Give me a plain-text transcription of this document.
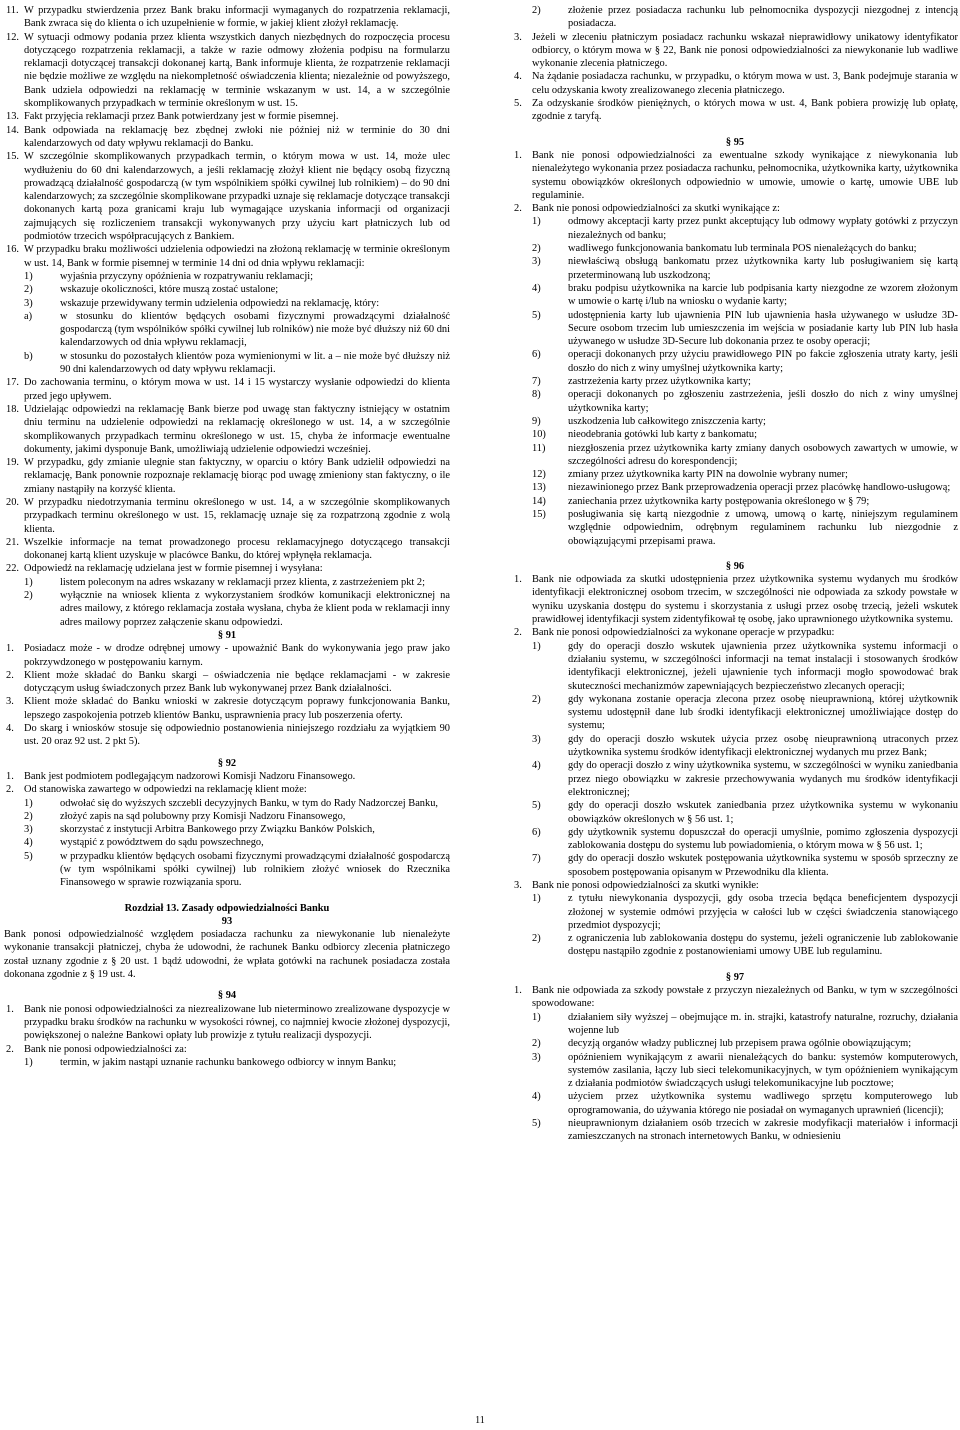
11. W przypadku stwierdzenia przez Bank braku informacji wymaganych do rozpatrzenia reklamacji, Bank zwraca się do klienta o ich uzupełnienie w formie, w jakiej klient złożył reklamację.

12. W sytuacji odmowy podania przez klienta wszystkich danych niezbędnych do rozpoczęcia procesu dotyczącego rozpatrzenia reklamacji, a także w razie odmowy złożenia podpisu na formularzu reklamacji dotyczącej transakcji dokonanej kartą, Bank informuje klienta, że rozpatrzenie reklamacji nie będzie możliwe ze względu na niekompletność oświadczenia klienta; niezależnie od powyższego, Bank udziela odpowiedzi na reklamację w terminie wskazanym w ust. 14, a w szczególnie skomplikowanych przypadkach w terminie określonym w ust. 15.

13. Fakt przyjęcia reklamacji przez Bank potwierdzany jest w formie pisemnej.

14. Bank odpowiada na reklamację bez zbędnej zwłoki nie później niż w terminie do 30 dni kalendarzowych od daty wpływu reklamacji do Banku.

15. W szczególnie skomplikowanych przypadkach termin, o którym mowa w ust. 14, może ulec wydłużeniu do 60 dni kalendarzowych, a jeśli reklamację złożył klient nie będący osobą fizyczną prowadzącą działalność gospodarczą (w tym wspólnikiem spółki cywilnej lub rolnikiem) – do 90 dni kalendarzowych; za szczególnie skomplikowane przypadki uznaje się reklamacje dotyczące transakcji dokonanych kartą poza granicami kraju lub wymagające uzyskania informacji od organizacji zajmujących się rozliczeniem transakcji wykonywanych przy użyciu kart płatniczych lub od podmiotów trzecich współpracujących z Bankiem.

16. W przypadku braku możliwości udzielenia odpowiedzi na złożoną reklamację w terminie określonym w ust. 14, Bank w formie pisemnej w terminie 14 dni od dnia wpływu reklamacji:

1)	wyjaśnia przyczyny opóźnienia w rozpatrywaniu reklamacji;

2)	wskazuje okoliczności, które muszą zostać ustalone;

3)	wskazuje przewidywany termin udzielenia odpowiedzi na reklamację, który:

a)	w stosunku do klientów będących osobami fizycznymi prowadzącymi działalność gospodarczą (tym wspólników spółki cywilnej lub rolników) nie może być dłuższy niż 60 dni kalendarzowych od dnia wpływu reklamacji,

b)	w stosunku do pozostałych klientów poza wymienionymi w lit. a – nie może być dłuższy niż 90 dni kalendarzowych od daty wpływu reklamacji.

17. Do zachowania terminu, o którym mowa w ust. 14 i 15 wystarczy wysłanie odpowiedzi do klienta przed jego upływem.

18. Udzielając odpowiedzi na reklamację Bank bierze pod uwagę stan faktyczny istniejący w ostatnim dniu terminu na udzielenie odpowiedzi na reklamację określonego w ust. 14, a w szczególnie skomplikowanych przypadkach terminu określonego w ust. 15, chyba że informacje ewentualne dokumenty, jakimi dysponuje Bank, umożliwiają udzielenie odpowiedzi wcześniej.

19. W przypadku, gdy zmianie ulegnie stan faktyczny, w oparciu o który Bank udzielił odpowiedzi na reklamację, Bank ponownie rozpoznaje reklamację biorąc pod uwagę zmieniony stan faktyczny, o ile zmiany nastąpiły na korzyść klienta.

20. W przypadku niedotrzymania terminu określonego w ust. 14, a w szczególnie skomplikowanych przypadkach terminu określonego w ust. 15, reklamację uznaje się za rozpatrzoną zgodnie z wolą klienta.

21. Wszelkie informacje na temat prowadzonego procesu reklamacyjnego dotyczącego transakcji dokonanej kartą klient uzyskuje w placówce Banku, do której wpłynęła reklamacja.

22. Odpowiedź na reklamację udzielana jest w formie pisemnej i wysyłana:

1)	listem poleconym na adres wskazany w reklamacji przez klienta, z zastrzeżeniem pkt 2;

2)	wyłącznie na wniosek klienta z wykorzystaniem środków komunikacji elektronicznej na adres mailowy, z którego reklamacja została wysłana, chyba że klient poda w reklamacji inny adres mailowy poprzez załączenie skanu odpowiedzi.

§ 91

1. Posiadacz może - w drodze odrębnej umowy - upoważnić Bank do wykonywania jego praw jako pokrzywdzonego w postępowaniu karnym.

2. Klient może składać do Banku skargi – oświadczenia nie będące reklamacjami - w zakresie dotyczącym usług świadczonych przez Bank lub wykonywanej przez Bank działalności.

3. Klient może składać do Banku wnioski w zakresie dotyczącym poprawy funkcjonowania Banku, lepszego zaspokojenia potrzeb klientów Banku, usprawnienia pracy lub poszerzenia oferty.

4. Do skarg i wniosków stosuje się odpowiednio postanowienia niniejszego rozdziału za wyjątkiem 90 ust. 20 oraz 92 ust. 2 pkt 5).

§ 92

1. Bank jest podmiotem podlegającym nadzorowi Komisji Nadzoru Finansowego.

2. Od stanowiska zawartego w odpowiedzi na reklamację klient może:

1)	odwołać się do wyższych szczebli decyzyjnych Banku, w tym do Rady Nadzorczej Banku,

2)	złożyć zapis na sąd polubowny przy Komisji Nadzoru Finansowego,

3)	skorzystać z instytucji Arbitra Bankowego przy Związku Banków Polskich,

4)	wystąpić z powództwem do sądu powszechnego,

5)	w przypadku klientów będących osobami fizycznymi prowadzącymi działalność gospodarczą (w tym wspólnikami spółki cywilnej) lub rolnikiem złożyć wniosek do Rzecznika Finansowego w sprawie rozwiązania sporu.

Rozdział 13. Zasady odpowiedzialności Banku

93

Bank ponosi odpowiedzialność względem posiadacza rachunku za niewykonanie lub nienależyte wykonanie transakcji płatniczej, chyba że udowodni, że rachunek Banku odbiorcy zlecenia płatniczego został uznany zgodnie z § 20 ust. 1 bądź udowodni, że wpłata gotówki na rachunek posiadacza została dokonana zgodnie z § 19 ust. 4.

§ 94

1. Bank nie ponosi odpowiedzialności za niezrealizowane lub nieterminowo zrealizowane dyspozycje w przypadku braku środków na rachunku w wysokości równej, co najmniej kwocie złożonej dyspozycji, powiększonej o należne Bankowi opłaty lub prowizje z tytułu realizacji dyspozycji.

2. Bank nie ponosi odpowiedzialności za:

1)	termin, w jakim nastąpi uznanie rachunku bankowego odbiorcy w innym Banku;

2)	złożenie przez posiadacza rachunku lub pełnomocnika dyspozycji niezgodnej z intencją posiadacza.

3. Jeżeli w zleceniu płatniczym posiadacz rachunku wskazał nieprawidłowy unikatowy identyfikator odbiorcy, o którym mowa w § 22, Bank nie ponosi odpowiedzialności za niewykonanie lub wadliwe wykonanie zlecenia płatniczego.

4. Na żądanie posiadacza rachunku, w przypadku, o którym mowa w ust. 3, Bank podejmuje starania w celu odzyskania kwoty zrealizowanego zlecenia płatniczego.

5. Za odzyskanie środków pieniężnych, o których mowa w ust. 4, Bank pobiera prowizję lub opłatę, zgodnie z taryfą.

§ 95

1. Bank nie ponosi odpowiedzialności za ewentualne szkody wynikające z niewykonania lub nienależytego wykonania przez posiadacza rachunku, pełnomocnika, użytkownika karty, użytkownika systemu obowiązków określonych odpowiednio w umowie, umowie o kartę, umowie UBE lub regulaminie.

2. Bank nie ponosi odpowiedzialności za skutki wynikające z:

1)	odmowy akceptacji karty przez punkt akceptujący lub odmowy wypłaty gotówki z przyczyn niezależnych od banku;

2)	wadliwego funkcjonowania bankomatu lub terminala POS nienależących do banku;

3)	niewłaściwą obsługą bankomatu przez użytkownika karty lub posługiwaniem się kartą przeterminowaną lub uszkodzoną;

4)	braku podpisu użytkownika na karcie lub podpisania karty niezgodne ze wzorem złożonym w umowie o kartę i/lub na wniosku o wydanie karty;

5)	udostępnienia karty lub ujawnienia PIN lub ujawnienia hasła używanego w usłudze 3D-Secure osobom trzecim lub umieszczenia im wejścia w posiadanie karty lub PIN lub hasła używanego w usłudze 3D-Secure lub dokonania przez te osoby operacji;

6)	operacji dokonanych przy użyciu prawidłowego PIN po fakcie zgłoszenia utraty karty, jeśli doszło do nich z winy umyślnej użytkownika karty;

7)	zastrzeżenia karty przez użytkownika karty;

8)	operacji dokonanych po zgłoszeniu zastrzeżenia, jeśli doszło do nich z winy umyślnej użytkownika karty;

9)	uszkodzenia lub całkowitego zniszczenia karty;

10) nieodebrania gotówki lub karty z bankomatu;

11) niezgłoszenia przez użytkownika karty zmiany danych osobowych zawartych w umowie, w szczególności adresu do korespondencji;

12) zmiany przez użytkownika karty PIN na dowolnie wybrany numer;

13) niezawinionego przez Bank przeprowadzenia operacji przez placówkę handlowo-usługową;

14) zaniechania przez użytkownika karty postępowania określonego w § 79;

15) posługiwania się kartą niezgodnie z umową, umową o kartę, niniejszym regulaminem względnie odpowiednim, odrębnym regulaminem rachunku lub niezgodnie z obowiązującymi przepisami prawa.

§ 96

1. Bank nie odpowiada za skutki udostępnienia przez użytkownika systemu wydanych mu środków identyfikacji elektronicznej osobom trzecim, w szczególności nie odpowiada za szkody powstałe w wyniku uzyskania dostępu do systemu i skorzystania z usługi przez osobę trzecią, jeżeli wskutek prawidłowej identyfikacji system zidentyfikował tę osobę, jako uprawnionego użytkownika systemu.

2. Bank nie ponosi odpowiedzialności za wykonane operacje w przypadku:

1)	gdy do operacji doszło wskutek ujawnienia przez użytkownika systemu informacji o działaniu systemu, w szczególności informacji na temat instalacji i stosowanych środków identyfikacji elektronicznej, jeżeli ujawnienie tych informacji mogło spowodować brak skuteczności mechanizmów zapewniających bezpieczeństwo zlecanych operacji;

2)	gdy wykonana zostanie operacja zlecona przez osobę nieuprawnioną, której użytkownik systemu udostępnił dane lub środki identyfikacji elektronicznej umożliwiające dostęp do systemu;

3)	gdy do operacji doszło wskutek użycia przez osobę nieuprawnioną utraconych przez użytkownika systemu środków identyfikacji elektronicznej wydanych mu przez Bank;

4)	gdy do operacji doszło z winy użytkownika systemu, w szczególności w wyniku zaniedbania przez niego obowiązku w zakresie przechowywania wydanych mu środków identyfikacji elektronicznej;

5)	gdy do operacji doszło wskutek zaniedbania przez użytkownika systemu w wykonaniu obowiązków określonych w § 56 ust. 1;

6)	gdy użytkownik systemu dopuszczał do operacji umyślnie, pomimo zgłoszenia dyspozycji zablokowania dostępu do systemu lub powiadomienia, o którym mowa w § 56 ust. 1;

7)	gdy do operacji doszło wskutek postępowania użytkownika systemu w sposób sprzeczny ze sposobem postępowania opisanym w Przewodniku dla klienta.

3. Bank nie ponosi odpowiedzialności za skutki wynikłe:

1)	z tytułu niewykonania dyspozycji, gdy osoba trzecia będąca beneficjentem dyspozycji złożonej w systemie odmówi przyjęcia w całości lub w części świadczenia stanowiącego przedmiot dyspozycji;

2)	z ograniczenia lub zablokowania dostępu do systemu, jeżeli ograniczenie lub zablokowanie dostępu nastąpiło zgodnie z postanowieniami umowy UBE lub regulaminu.

§ 97

1. Bank nie odpowiada za szkody powstałe z przyczyn niezależnych od Banku, w tym w szczególności spowodowane:

1)	działaniem siły wyższej – obejmujące m. in. strajki, katastrofy naturalne, rozruchy, działania wojenne lub

2)	decyzją organów władzy publicznej lub przepisem prawa ogólnie obowiązującym;

3)	opóźnieniem wynikającym z awarii nienależących do banku: systemów komputerowych, systemów zasilania, łączy lub sieci telekomunikacyjnych, w tym opóźnieniem wynikającym z działania podmiotów świadczących usługi telekomunikacyjne lub pocztowe;

4)	użyciem przez użytkownika systemu wadliwego sprzętu komputerowego lub oprogramowania, do używania którego nie posiadał on wymaganych uprawnień (licencji);

5)	nieuprawnionym działaniem osób trzecich w zakresie modyfikacji materiałów i informacji zamieszczanych na stronach internetowych Banku, w odniesieniu

11
